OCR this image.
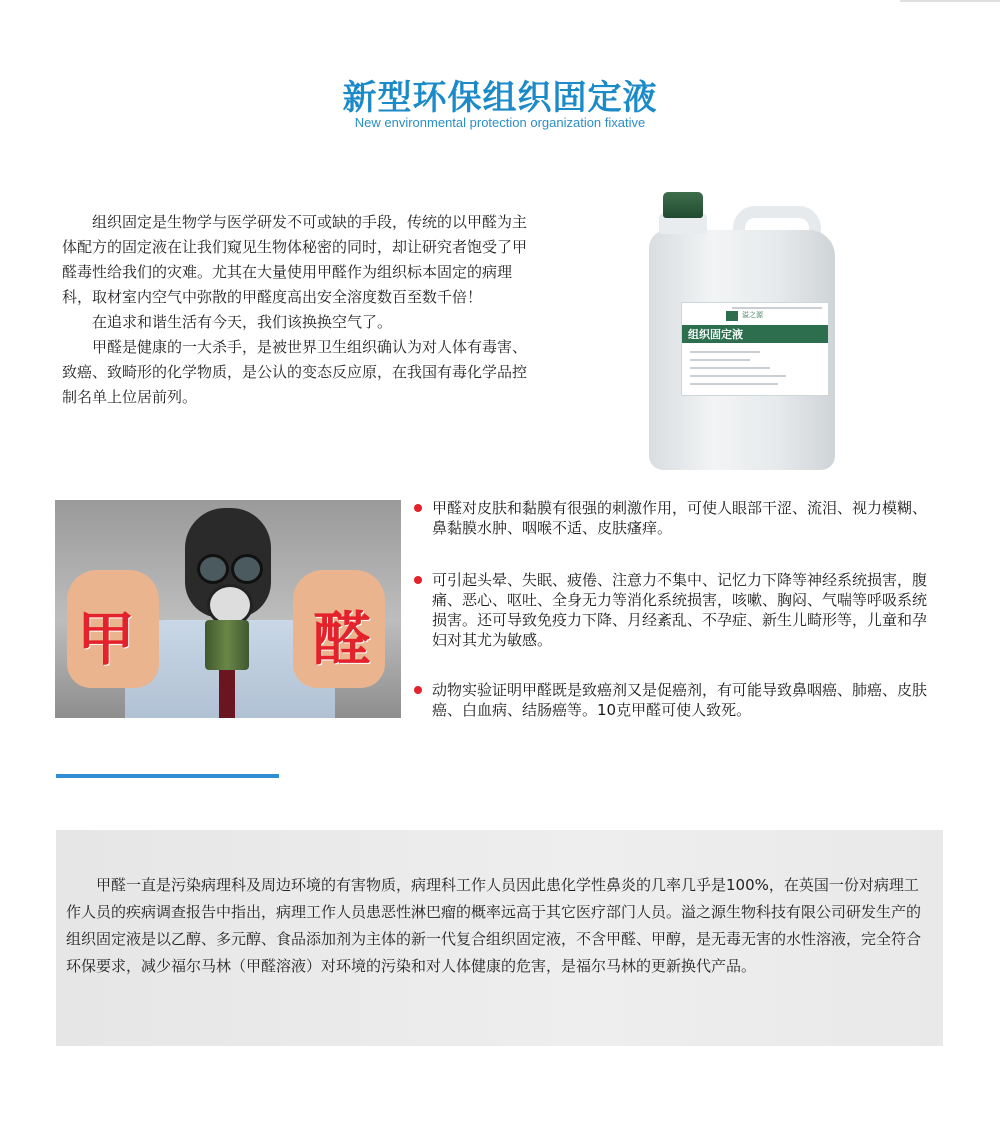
新型环保组织固定液
New environmental protection organization fixative

组织固定是生物学与医学研发不可或缺的手段，传统的以甲醛为主体配方的固定液在让我们窥见生物体秘密的同时，却让研究者饱受了甲醛毒性给我们的灾难。尤其在大量使用甲醛作为组织标本固定的病理科，取材室内空气中弥散的甲醛度高出安全溶度数百至数千倍！

在追求和谐生活有今天，我们该换换空气了。

甲醛是健康的一大杀手，是被世界卫生组织确认为对人体有毒害、致癌、致畸形的化学物质，是公认的变态反应原，在我国有毒化学品控制名单上位居前列。

溢之源
组织固定液
甲	醛
甲醛对皮肤和黏膜有很强的刺激作用，可使人眼部干涩、流泪、视力模糊、鼻黏膜水肿、咽喉不适、皮肤瘙痒。
可引起头晕、失眠、疲倦、注意力不集中、记忆力下降等神经系统损害，腹痛、恶心、呕吐、全身无力等消化系统损害，咳嗽、胸闷、气喘等呼吸系统损害。还可导致免疫力下降、月经紊乱、不孕症、新生儿畸形等，儿童和孕妇对其尤为敏感。
动物实验证明甲醛既是致癌剂又是促癌剂，有可能导致鼻咽癌、肺癌、皮肤癌、白血病、结肠癌等。10克甲醛可使人致死。

甲醛一直是污染病理科及周边环境的有害物质，病理科工作人员因此患化学性鼻炎的几率几乎是100%，在英国一份对病理工作人员的疾病调查报告中指出，病理工作人员患恶性淋巴瘤的概率远高于其它医疗部门人员。溢之源生物科技有限公司研发生产的组织固定液是以乙醇、多元醇、食品添加剂为主体的新一代复合组织固定液，不含甲醛、甲醇，是无毒无害的水性溶液，完全符合环保要求，减少福尔马林（甲醛溶液）对环境的污染和对人体健康的危害，是福尔马林的更新换代产品。
